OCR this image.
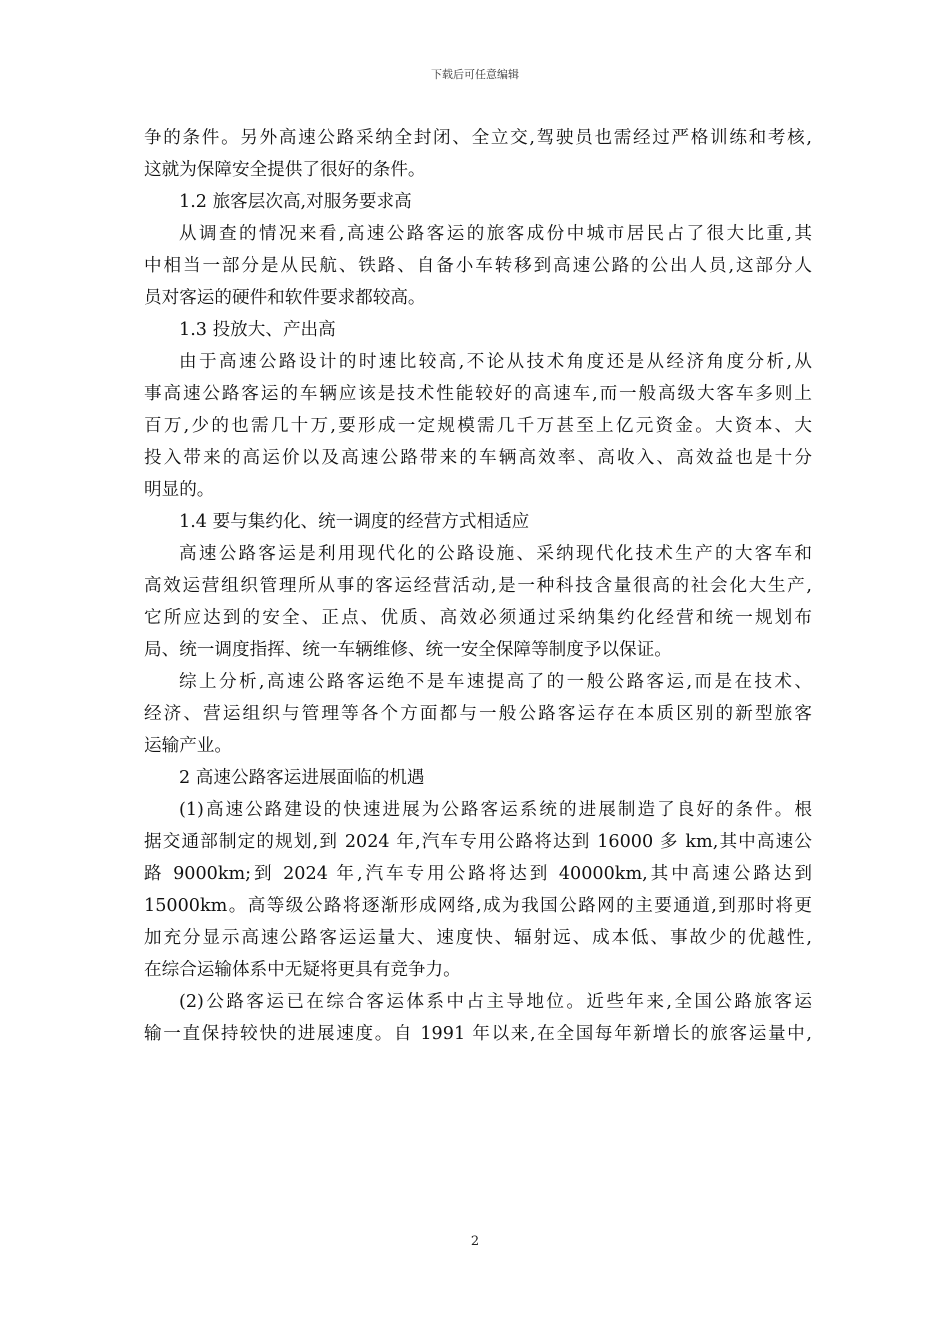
下载后可任意编辑
争的条件。另外高速公路采纳全封闭、全立交,驾驶员也需经过严格训练和考核,
这就为保障安全提供了很好的条件。
1.2 旅客层次高,对服务要求高
从调查的情况来看,高速公路客运的旅客成份中城市居民占了很大比重,其
中相当一部分是从民航、铁路、自备小车转移到高速公路的公出人员,这部分人
员对客运的硬件和软件要求都较高。
1.3 投放大、产出高
由于高速公路设计的时速比较高,不论从技术角度还是从经济角度分析,从
事高速公路客运的车辆应该是技术性能较好的高速车,而一般高级大客车多则上
百万,少的也需几十万,要形成一定规模需几千万甚至上亿元资金。大资本、大
投入带来的高运价以及高速公路带来的车辆高效率、高收入、高效益也是十分
明显的。
1.4 要与集约化、统一调度的经营方式相适应
高速公路客运是利用现代化的公路设施、采纳现代化技术生产的大客车和
高效运营组织管理所从事的客运经营活动,是一种科技含量很高的社会化大生产,
它所应达到的安全、正点、优质、高效必须通过采纳集约化经营和统一规划布
局、统一调度指挥、统一车辆维修、统一安全保障等制度予以保证。
综上分析,高速公路客运绝不是车速提高了的一般公路客运,而是在技术、
经济、营运组织与管理等各个方面都与一般公路客运存在本质区别的新型旅客
运输产业。
2 高速公路客运进展面临的机遇
(1)高速公路建设的快速进展为公路客运系统的进展制造了良好的条件。根
据交通部制定的规划,到 2024 年,汽车专用公路将达到 16000 多 km,其中高速公
路 9000km;到 2024 年,汽车专用公路将达到 40000km,其中高速公路达到
15000km。高等级公路将逐渐形成网络,成为我国公路网的主要通道,到那时将更
加充分显示高速公路客运运量大、速度快、辐射远、成本低、事故少的优越性,
在综合运输体系中无疑将更具有竞争力。
(2)公路客运已在综合客运体系中占主导地位。近些年来,全国公路旅客运
输一直保持较快的进展速度。自 1991 年以来,在全国每年新增长的旅客运量中,
2
